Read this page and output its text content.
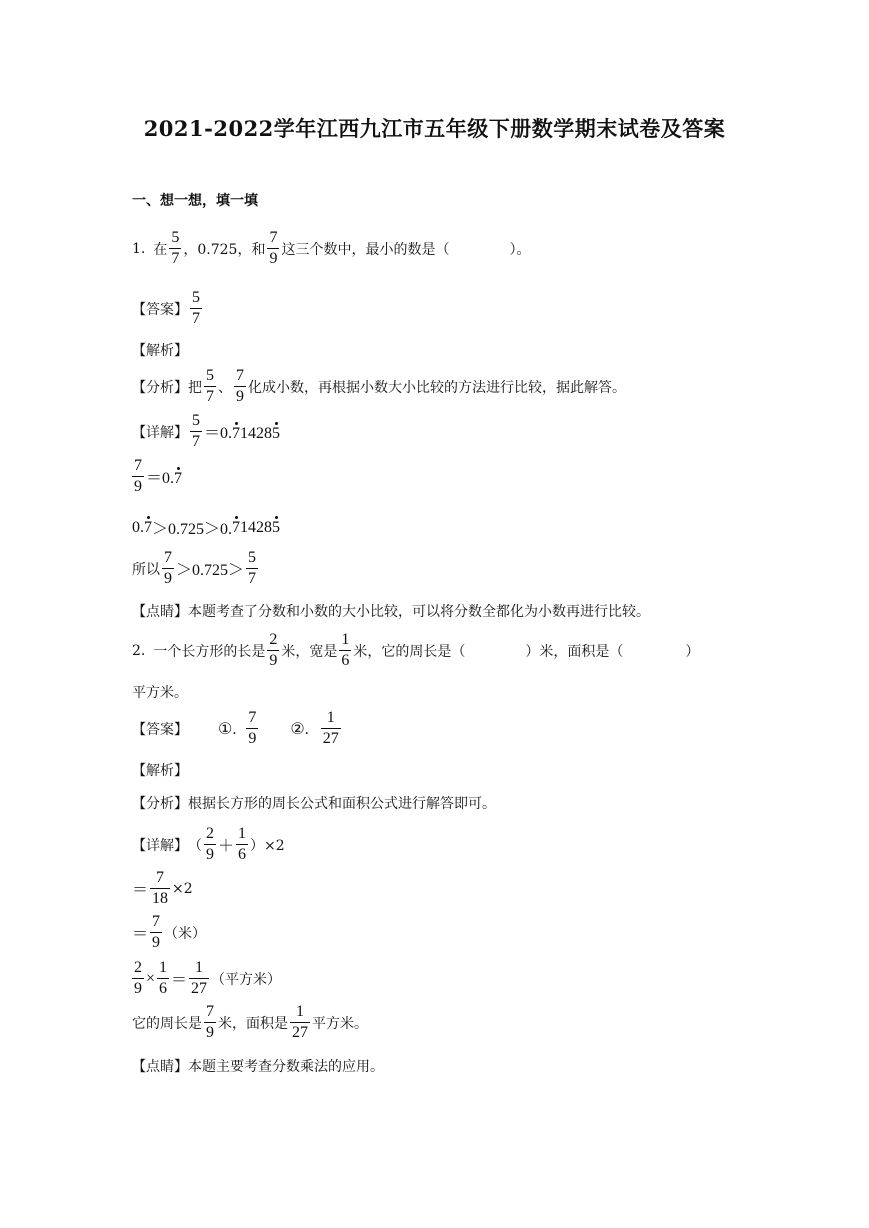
2021-2022学年江西九江市五年级下册数学期末试卷及答案
一、想一想，填一填
1. 在 $\frac{5}{7}$ ，0.725，和 $\frac{7}{9}$ 这三个数中，最小的数是（	）。
【答案】 $\frac{5}{7}$
【解析】
【分析】 把 $\frac{5}{7}$ 、 $\frac{7}{9}$ 化成小数，再根据小数大小比较的方法进行比较，据此解答。
【详解】 $\frac{5}{7} =0.714285$
$\frac{7}{9} =0.7$
0. 7 ＞0.725＞0. 7 1428 5
所以 $\frac{7}{9} >0.725> \frac{5}{7}$
【点睛】 本题考查了分数和小数的大小比较，可以将分数全都化为小数再进行比较。
2. 一个长方形的长是 $\frac{2}{9}$ 米，宽是 $\frac{1}{6}$ 米，它的周长是（	）米，面积是（	）
平方米。
【答案】 ①. $\frac{7}{9}$ ②. $\frac{1}{27}$
【解析】
【分析】 根据长方形的周长公式和面积公式进行解答即可。
【详解】 （ $\frac{2}{9} + \frac{1}{6} )\times 2$
＝ $\frac{7}{18} \times 2$
＝ $\frac{7}{9}$ （米）
$\frac{2}{9} \times \frac{1}{6} = \frac{1}{27}$ （平方米）
它的周长是 $\frac{7}{9}$ 米，面积是 $\frac{1}{27}$ 平方米。
【点睛】 本题主要考查分数乘法的应用。
